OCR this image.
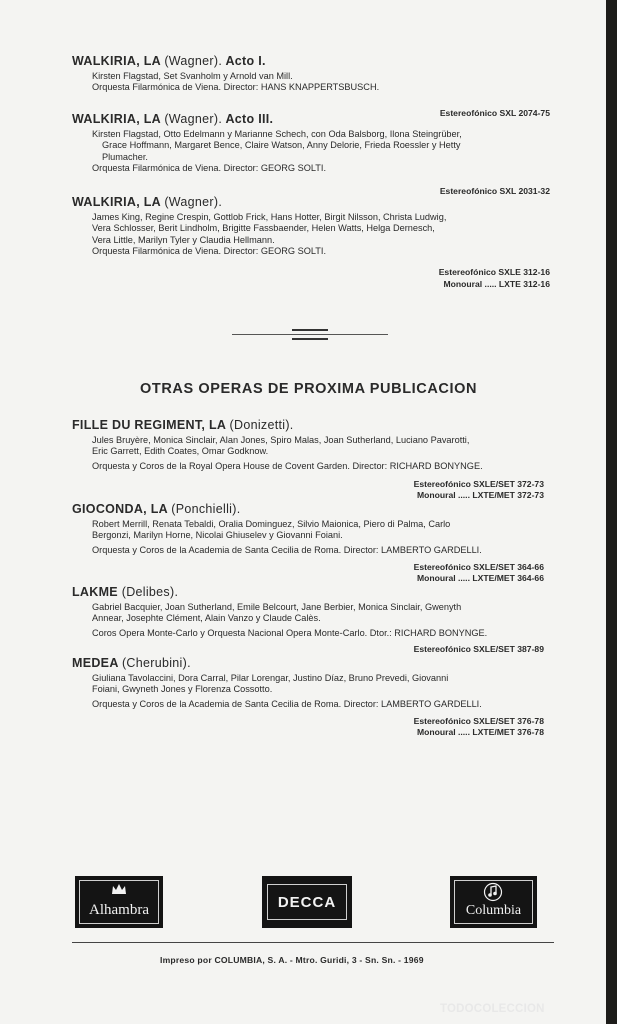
WALKIRIA, LA (Wagner). Acto I.
Kirsten Flagstad, Set Svanholm y Arnold van Mill.
Orquesta Filarmónica de Viena. Director: HANS KNAPPERTSBUSCH.
Estereofónico SXL 2074-75
WALKIRIA, LA (Wagner). Acto III.
Kirsten Flagstad, Otto Edelmann y Marianne Schech, con Oda Balsborg, Ilona Steingrüber,
Grace Hoffmann, Margaret Bence, Claire Watson, Anny Delorie, Frieda Roessler y Hetty
Plumacher.
Orquesta Filarmónica de Viena. Director: GEORG SOLTI.
Estereofónico SXL 2031-32
WALKIRIA, LA (Wagner).
James King, Regine Crespin, Gottlob Frick, Hans Hotter, Birgit Nilsson, Christa Ludwig,
Vera Schlosser, Berit Lindholm, Brigitte Fassbaender, Helen Watts, Helga Dernesch,
Vera Little, Marilyn Tyler y Claudia Hellmann.
Orquesta Filarmónica de Viena. Director: GEORG SOLTI.
Estereofónico SXLE 312-16
Monoural ..... LXTE 312-16
OTRAS OPERAS DE PROXIMA PUBLICACION
FILLE DU REGIMENT, LA (Donizetti).
Jules Bruyère, Monica Sinclair, Alan Jones, Spiro Malas, Joan Sutherland, Luciano Pavarotti,
Eric Garrett, Edith Coates, Omar Godknow.
Orquesta y Coros de la Royal Opera House de Covent Garden. Director: RICHARD BONYNGE.
Estereofónico SXLE/SET 372-73
Monoural ..... LXTE/MET 372-73
GIOCONDA, LA (Ponchielli).
Robert Merrill, Renata Tebaldi, Oralia Dominguez, Silvio Maionica, Piero di Palma, Carlo
Bergonzi, Marilyn Horne, Nicolai Ghiuselev y Giovanni Foiani.
Orquesta y Coros de la Academia de Santa Cecilia de Roma. Director: LAMBERTO GARDELLI.
Estereofónico SXLE/SET 364-66
Monoural ..... LXTE/MET 364-66
LAKME (Delibes).
Gabriel Bacquier, Joan Sutherland, Emile Belcourt, Jane Berbier, Monica Sinclair, Gwenyth
Annear, Josephte Clément, Alain Vanzo y Claude Calès.
Coros Opera Monte-Carlo y Orquesta Nacional Opera Monte-Carlo. Dtor.: RICHARD BONYNGE.
Estereofónico SXLE/SET 387-89
MEDEA (Cherubini).
Giuliana Tavolaccini, Dora Carral, Pilar Lorengar, Justino Díaz, Bruno Prevedi, Giovanni
Foiani, Gwyneth Jones y Florenza Cossotto.
Orquesta y Coros de la Academia de Santa Cecilia de Roma. Director: LAMBERTO GARDELLI.
Estereofónico SXLE/SET 376-78
Monoural ..... LXTE/MET 376-78
Alhambra	DECCA	Columbia
Impreso por COLUMBIA, S. A. - Mtro. Guridi, 3 - Sn. Sn. - 1969
TODOCOLECCION
